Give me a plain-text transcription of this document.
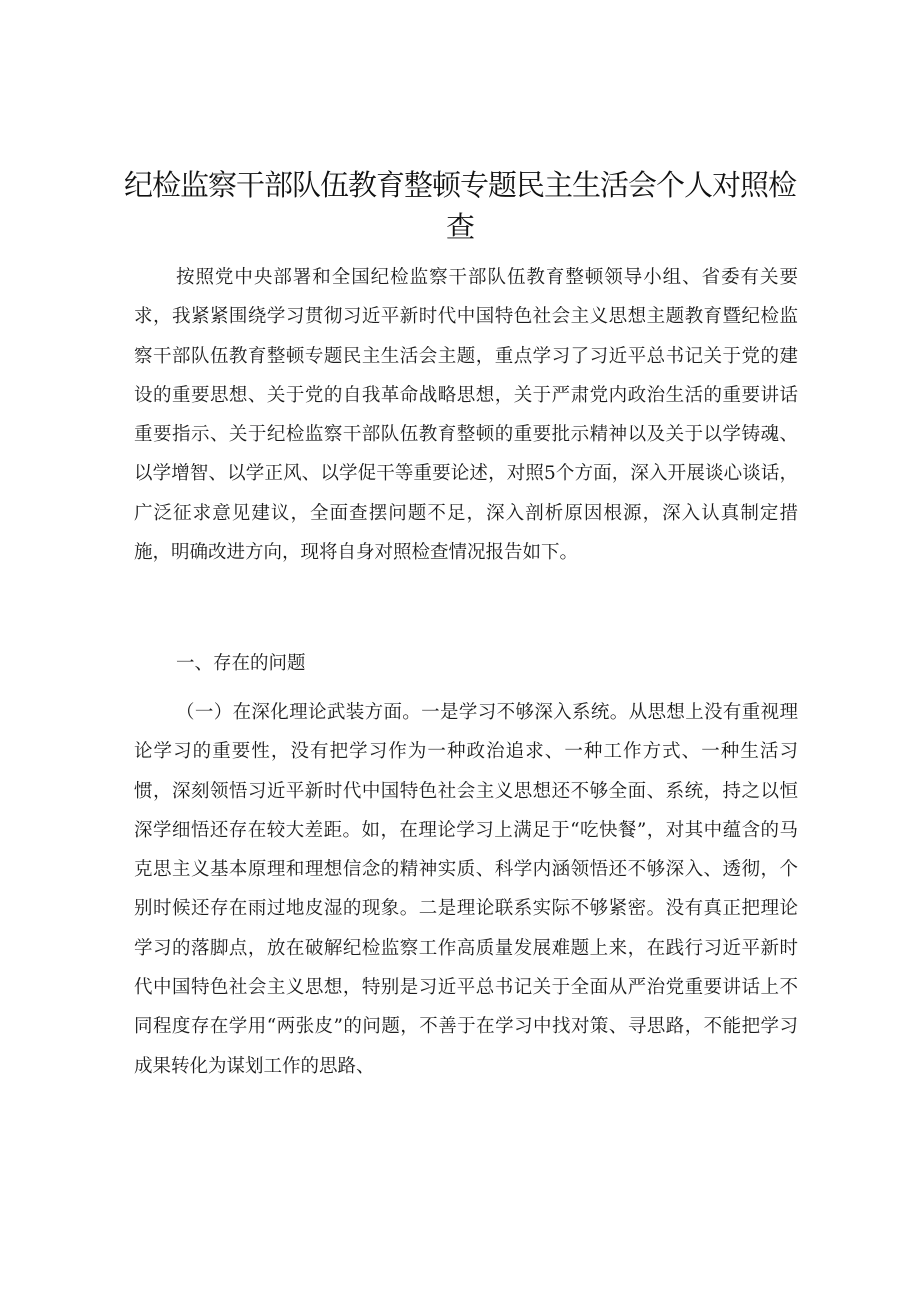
纪检监察干部队伍教育整顿专题民主生活会个人对照检查

按照党中央部署和全国纪检监察干部队伍教育整顿领导小组、省委有关要求，我紧紧围绕学习贯彻习近平新时代中国特色社会主义思想主题教育暨纪检监察干部队伍教育整顿专题民主生活会主题，重点学习了习近平总书记关于党的建设的重要思想、关于党的自我革命战略思想，关于严肃党内政治生活的重要讲话重要指示、关于纪检监察干部队伍教育整顿的重要批示精神以及关于以学铸魂、以学增智、以学正风、以学促干等重要论述，对照5个方面，深入开展谈心谈话，广泛征求意见建议，全面查摆问题不足，深入剖析原因根源，深入认真制定措施，明确改进方向，现将自身对照检查情况报告如下。

一、存在的问题

（一）在深化理论武装方面。一是学习不够深入系统。从思想上没有重视理论学习的重要性，没有把学习作为一种政治追求、一种工作方式、一种生活习惯，深刻领悟习近平新时代中国特色社会主义思想还不够全面、系统，持之以恒深学细悟还存在较大差距。如，在理论学习上满足于“吃快餐”，对其中蕴含的马克思主义基本原理和理想信念的精神实质、科学内涵领悟还不够深入、透彻，个别时候还存在雨过地皮湿的现象。二是理论联系实际不够紧密。没有真正把理论学习的落脚点，放在破解纪检监察工作高质量发展难题上来，在践行习近平新时代中国特色社会主义思想，特别是习近平总书记关于全面从严治党重要讲话上不同程度存在学用“两张皮”的问题，不善于在学习中找对策、寻思路，不能把学习成果转化为谋划工作的思路、
